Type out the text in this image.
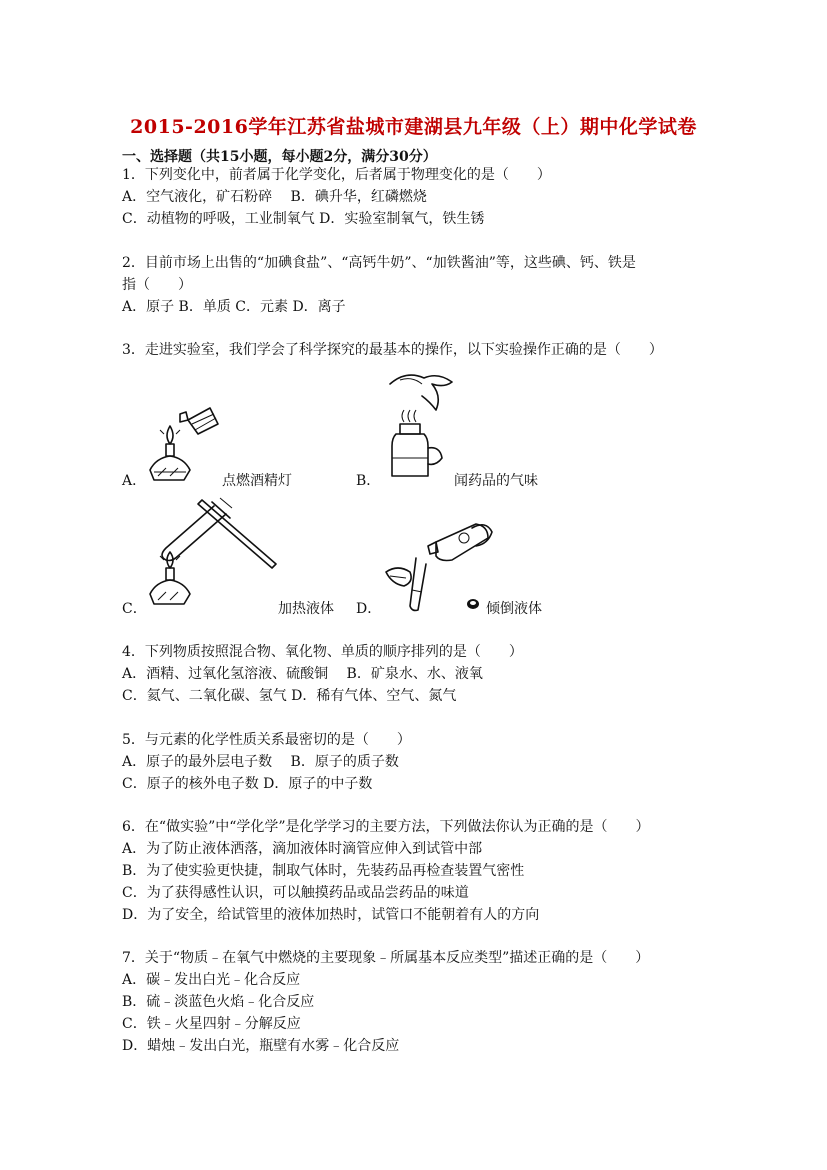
2015-2016学年江苏省盐城市建湖县九年级（上）期中化学试卷
一、选择题（共15小题，每小题2分，满分30分）
1．下列变化中，前者属于化学变化，后者属于物理变化的是（　　）
A．空气液化，矿石粉碎　 B．碘升华，红磷燃烧
C．动植物的呼吸，工业制氧气 D．实验室制氧气，铁生锈
2．目前市场上出售的“加碘食盐”、“高钙牛奶”、“加铁酱油”等，这些碘、钙、铁是
指（　　）
A．原子 B．单质 C．元素 D．离子
3．走进实验室，我们学会了科学探究的最基本的操作，以下实验操作正确的是（　　）
A．	点燃酒精灯	B．	闻药品的气味
C．	加热液体 D．	倾倒液体
4．下列物质按照混合物、氧化物、单质的顺序排列的是（　　）
A．酒精、过氧化氢溶液、硫酸铜　 B．矿泉水、水、液氧
C．氦气、二氧化碳、氢气 D．稀有气体、空气、氮气
5．与元素的化学性质关系最密切的是（　　）
A．原子的最外层电子数　 B．原子的质子数
C．原子的核外电子数 D．原子的中子数
6．在“做实验”中“学化学”是化学学习的主要方法，下列做法你认为正确的是（　　）
A．为了防止液体洒落，滴加液体时滴管应伸入到试管中部
B．为了使实验更快捷，制取气体时，先装药品再检查装置气密性
C．为了获得感性认识，可以触摸药品或品尝药品的味道
D．为了安全，给试管里的液体加热时，试管口不能朝着有人的方向
7．关于“物质﹣在氧气中燃烧的主要现象﹣所属基本反应类型”描述正确的是（　　）
A．碳﹣发出白光﹣化合反应
B．硫﹣淡蓝色火焰﹣化合反应
C．铁﹣火星四射﹣分解反应
D．蜡烛﹣发出白光，瓶壁有水雾﹣化合反应
